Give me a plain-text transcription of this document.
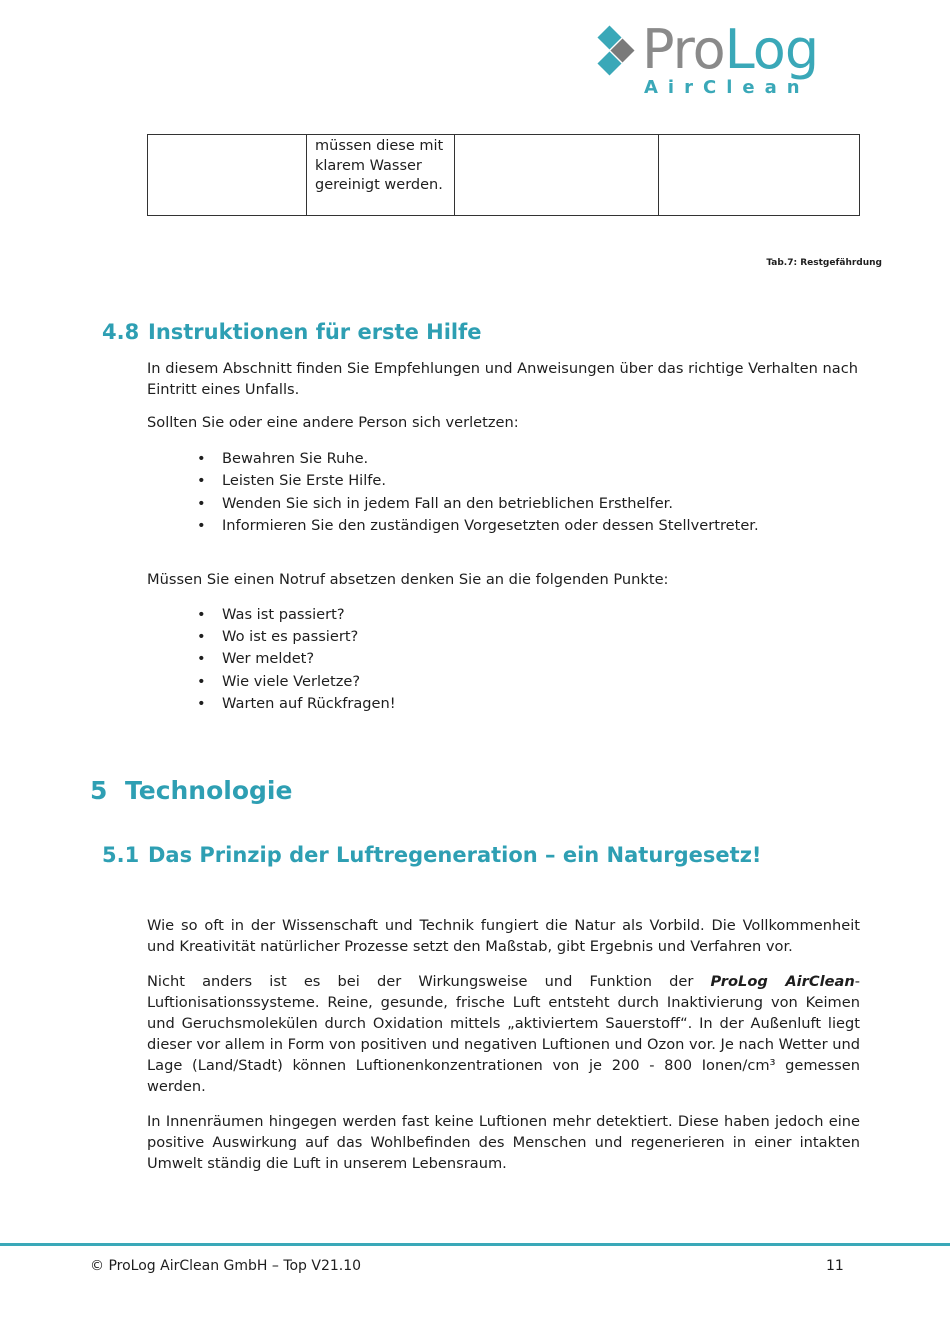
ProLog
AirClean
	müssen diese mit klarem Wasser gereinigt werden.		
Tab.7: Restgefährdung
4.8 Instruktionen für erste Hilfe

In diesem Abschnitt finden Sie Empfehlungen und Anweisungen über das richtige Verhalten nach Eintritt eines Unfalls.

Sollten Sie oder eine andere Person sich verletzen:

• Bewahren Sie Ruhe.
• Leisten Sie Erste Hilfe.
• Wenden Sie sich in jedem Fall an den betrieblichen Ersthelfer.
• Informieren Sie den zuständigen Vorgesetzten oder dessen Stellvertreter.

Müssen Sie einen Notruf absetzen denken Sie an die folgenden Punkte:

• Was ist passiert?
• Wo ist es passiert?
• Wer meldet?
• Wie viele Verletze?
• Warten auf Rückfragen!
5 Technologie
5.1 Das Prinzip der Luftregeneration – ein Naturgesetz!

Wie so oft in der Wissenschaft und Technik fungiert die Natur als Vorbild. Die Vollkommenheit und Kreativität natürlicher Prozesse setzt den Maßstab, gibt Ergebnis und Verfahren vor.

Nicht anders ist es bei der Wirkungsweise und Funktion der ProLog AirClean-Luftionisationssysteme. Reine, gesunde, frische Luft entsteht durch Inaktivierung von Keimen und Geruchsmolekülen durch Oxidation mittels „aktiviertem Sauerstoff“. In der Außenluft liegt dieser vor allem in Form von positiven und negativen Luftionen und Ozon vor. Je nach Wetter und Lage (Land/Stadt) können Luftionenkonzentrationen von je 200 - 800 Ionen/cm³ gemessen werden.

In Innenräumen hingegen werden fast keine Luftionen mehr detektiert. Diese haben jedoch eine positive Auswirkung auf das Wohlbefinden des Menschen und regenerieren in einer intakten Umwelt ständig die Luft in unserem Lebensraum.

© ProLog AirClean GmbH – Top V21.10	11
